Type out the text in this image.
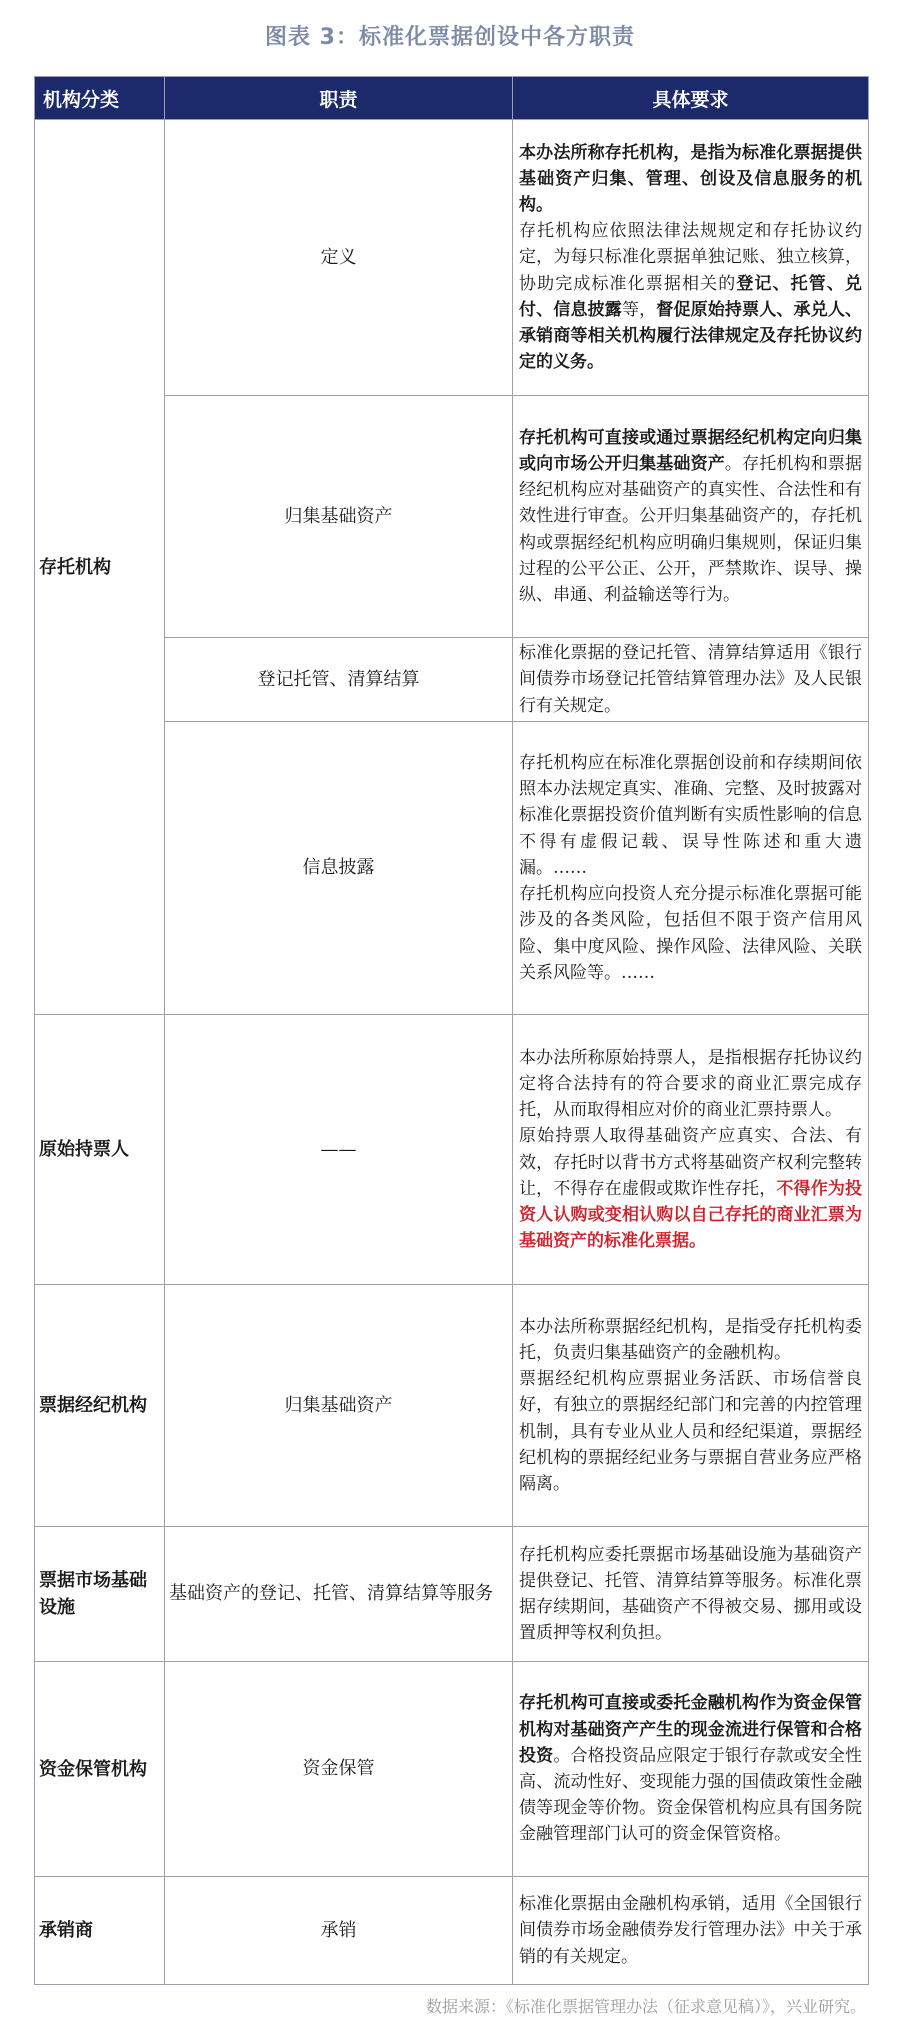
图表 3：标准化票据创设中各方职责
机构分类	职责	具体要求
存托机构	定义	本办法所称存托机构，是指为标准化票据提供基础资产归集、管理、创设及信息服务的机构。

存托机构应依照法律法规规定和存托协议约定，为每只标准化票据单独记账、独立核算，协助完成标准化票据相关的登记、托管、兑付、信息披露等，督促原始持票人、承兑人、承销商等相关机构履行法律规定及存托协议约定的义务。

	归集基础资产	存托机构可直接或通过票据经纪机构定向归集或向市场公开归集基础资产。存托机构和票据经纪机构应对基础资产的真实性、合法性和有效性进行审查。公开归集基础资产的，存托机构或票据经纪机构应明确归集规则，保证归集过程的公平公正、公开，严禁欺诈、误导、操纵、串通、利益输送等行为。

	登记托管、清算结算	标准化票据的登记托管、清算结算适用《银行间债券市场登记托管结算管理办法》及人民银行有关规定。

	信息披露	存托机构应在标准化票据创设前和存续期间依照本办法规定真实、准确、完整、及时披露对标准化票据投资价值判断有实质性影响的信息不得有虚假记载、误导性陈述和重大遗漏。……

存托机构应向投资人充分提示标准化票据可能涉及的各类风险，包括但不限于资产信用风险、集中度风险、操作风险、法律风险、关联关系风险等。……

原始持票人	——	本办法所称原始持票人，是指根据存托协议约定将合法持有的符合要求的商业汇票完成存托，从而取得相应对价的商业汇票持票人。

原始持票人取得基础资产应真实、合法、有效，存托时以背书方式将基础资产权利完整转让，不得存在虚假或欺诈性存托，不得作为投资人认购或变相认购以自己存托的商业汇票为基础资产的标准化票据。

票据经纪机构	归集基础资产	本办法所称票据经纪机构，是指受存托机构委托，负责归集基础资产的金融机构。

票据经纪机构应票据业务活跃、市场信誉良好，有独立的票据经纪部门和完善的内控管理机制，具有专业从业人员和经纪渠道，票据经纪机构的票据经纪业务与票据自营业务应严格隔离。

票据市场基础设施	基础资产的登记、托管、清算结算等服务	存托机构应委托票据市场基础设施为基础资产提供登记、托管、清算结算等服务。标准化票据存续期间，基础资产不得被交易、挪用或设置质押等权利负担。

资金保管机构	资金保管	存托机构可直接或委托金融机构作为资金保管机构对基础资产产生的现金流进行保管和合格投资。合格投资品应限定于银行存款或安全性高、流动性好、变现能力强的国债政策性金融债等现金等价物。资金保管机构应具有国务院金融管理部门认可的资金保管资格。

承销商	承销	标准化票据由金融机构承销，适用《全国银行间债券市场金融债券发行管理办法》中关于承销的有关规定。

数据来源：《标准化票据管理办法（征求意见稿）》，兴业研究。
